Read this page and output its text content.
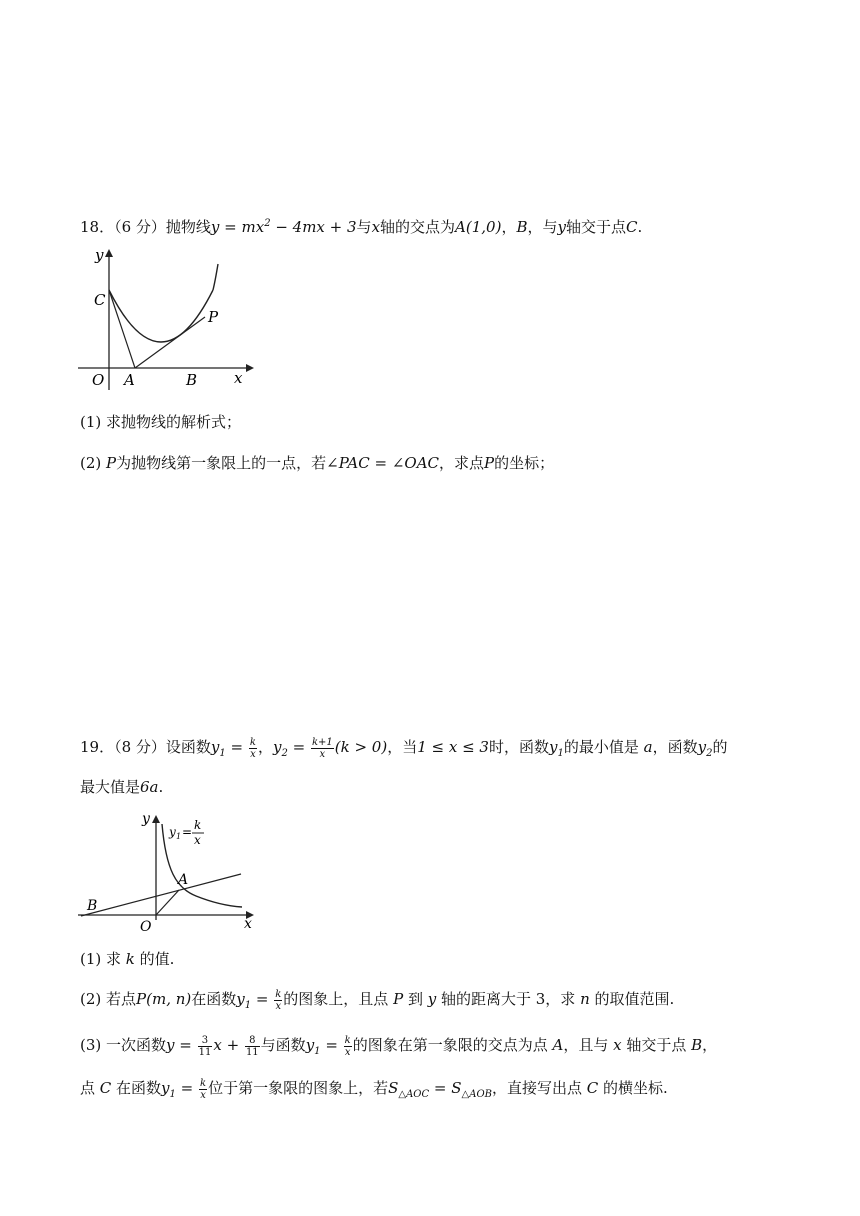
18．（6 分）抛物线$y = mx^2 - 4mx + 3$与x轴的交点为A(1,0)，B，与y轴交于点C.
y
C
P
O A	B x
(1) 求抛物线的解析式；
(2) P为抛物线第一象限上的一点，若∠PAC = ∠OAC，求点P的坐标；
19．（8 分）设函数$y_1 = \frac{k}{x}$ ，$y_2 = \frac{k+1}{x} (k > 0)$，当1 ≤ x ≤ 3时，函数$y_1$的最小值是 a，函数$y_2$的
最大值是6a.
y
y 1 = k
x
A
B
O	x
(1) 求 k 的值.
(2) 若点P(m, n)在函数$y_1 = \frac{k}{x}$ 的图象上，且点 P 到 y 轴的距离大于 3，求 n 的取值范围.
(3) 一次函数$y = \frac{3}{11}$ $x + \frac{8}{11}$ 与函数$y_1 = \frac{k}{x}$ 的图象在第一象限的交点为点 A，且与 x 轴交于点 B，
点 C 在函数$y_1 = \frac{k}{x}$ 位于第一象限的图象上，若$S_{\triangle AOC} = S_{\triangle AOB}$，直接写出点 C 的横坐标.
